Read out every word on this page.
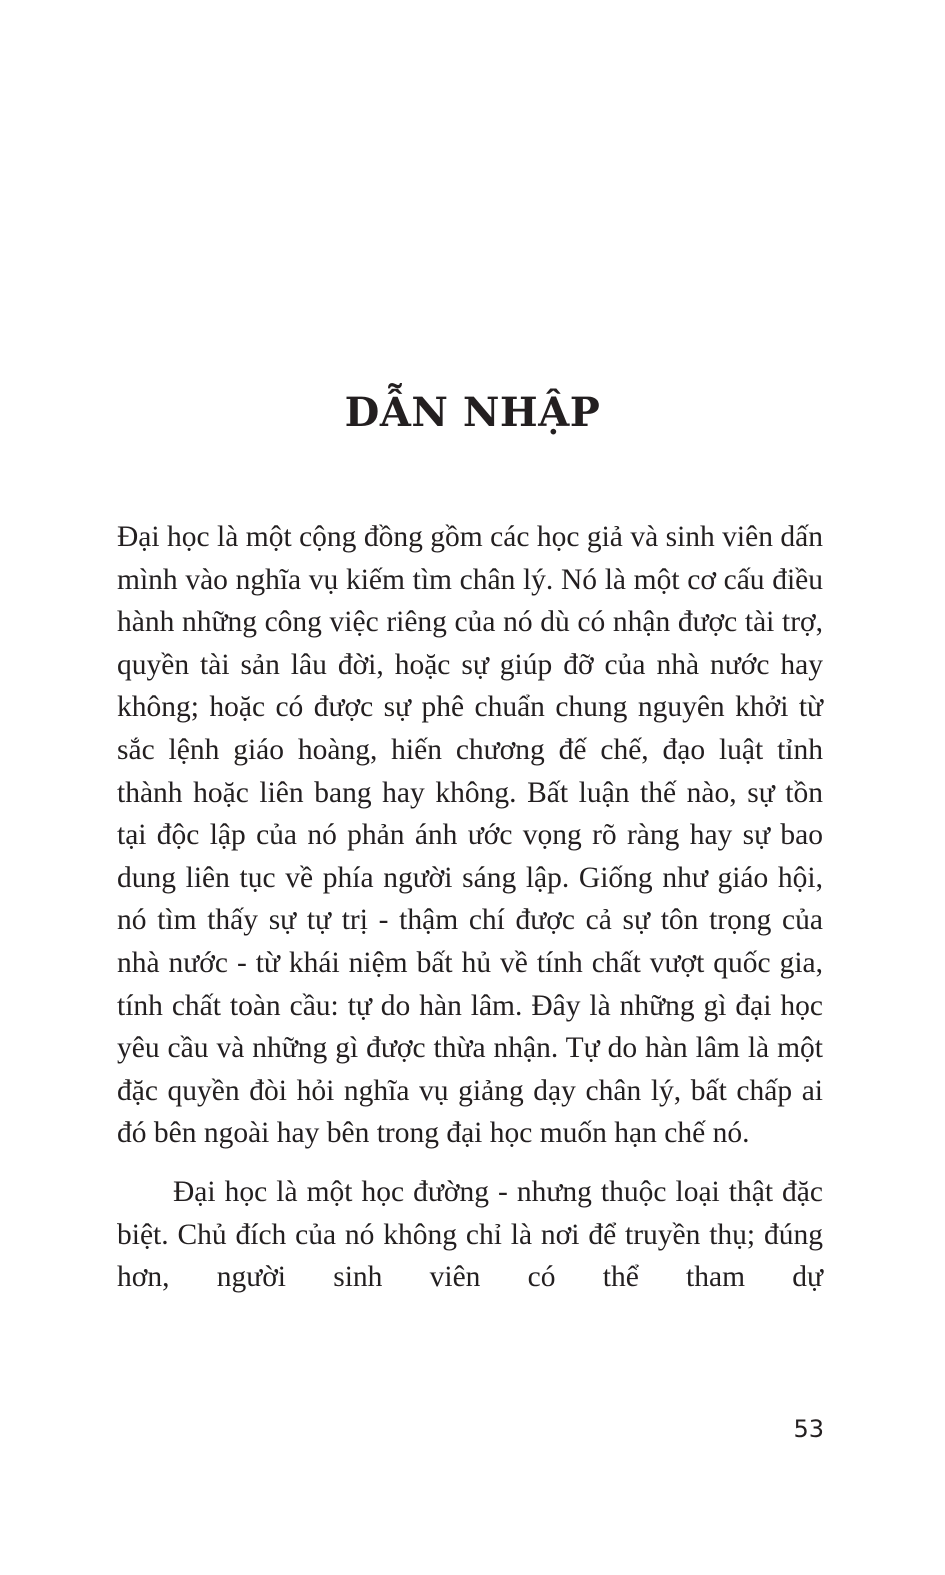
DẪN NHẬP

Đại học là một cộng đồng gồm các học giả và sinh viên dấn mình vào nghĩa vụ kiếm tìm chân lý. Nó là một cơ cấu điều hành những công việc riêng của nó dù có nhận được tài trợ, quyền tài sản lâu đời, hoặc sự giúp đỡ của nhà nước hay không; hoặc có được sự phê chuẩn chung nguyên khởi từ sắc lệnh giáo hoàng, hiến chương đế chế, đạo luật tỉnh thành hoặc liên bang hay không. Bất luận thế nào, sự tồn tại độc lập của nó phản ánh ước vọng rõ ràng hay sự bao dung liên tục về phía người sáng lập. Giống như giáo hội, nó tìm thấy sự tự trị - thậm chí được cả sự tôn trọng của nhà nước - từ khái niệm bất hủ về tính chất vượt quốc gia, tính chất toàn cầu: tự do hàn lâm. Đây là những gì đại học yêu cầu và những gì được thừa nhận. Tự do hàn lâm là một đặc quyền đòi hỏi nghĩa vụ giảng dạy chân lý, bất chấp ai đó bên ngoài hay bên trong đại học muốn hạn chế nó.

Đại học là một học đường - nhưng thuộc loại thật đặc biệt. Chủ đích của nó không chỉ là nơi để truyền thụ; đúng hơn, người sinh viên có thể tham dự

53
